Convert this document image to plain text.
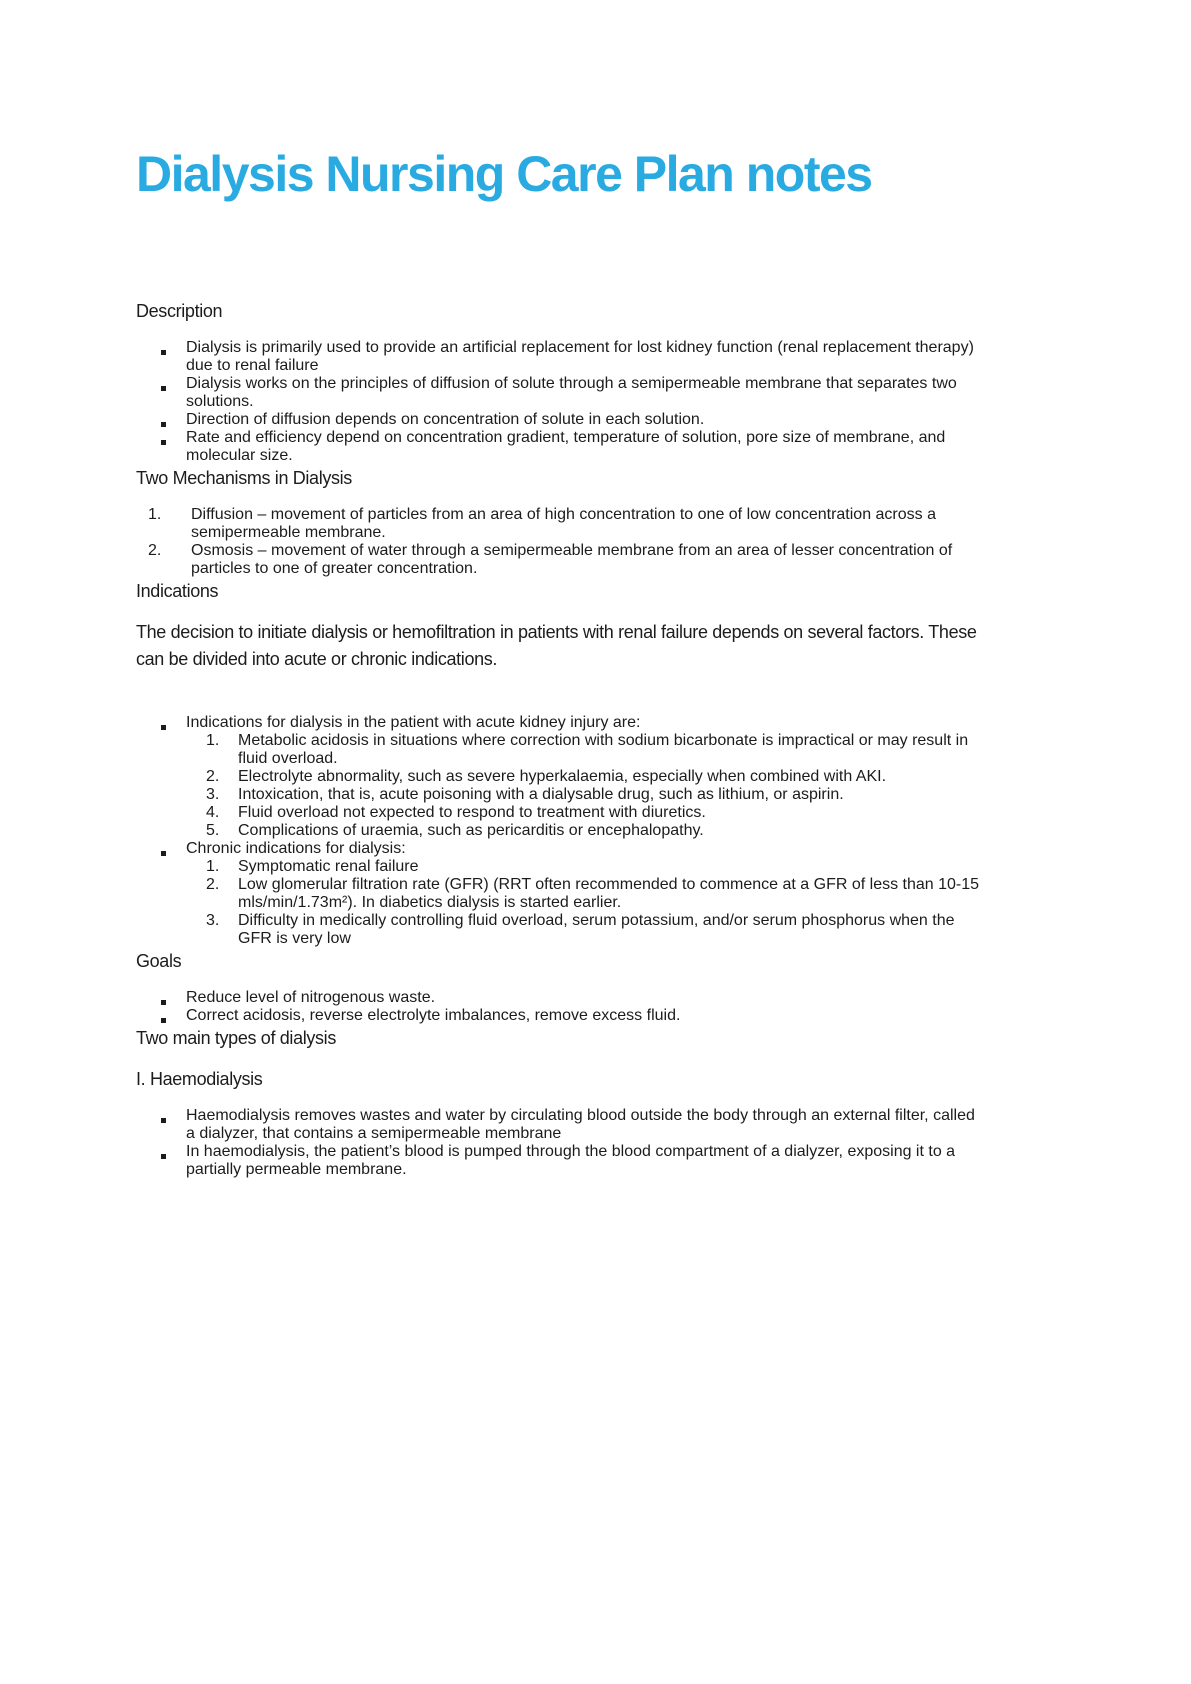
Dialysis Nursing Care Plan notes

Description

Dialysis is primarily used to provide an artificial replacement for lost kidney function (renal replacement therapy) due to renal failure
Dialysis works on the principles of diffusion of solute through a semipermeable membrane that separates two solutions.
Direction of diffusion depends on concentration of solute in each solution.
Rate and efficiency depend on concentration gradient, temperature of solution, pore size of membrane, and molecular size.

Two Mechanisms in Dialysis

Diffusion – movement of particles from an area of high concentration to one of low concentration across a semipermeable membrane.
Osmosis – movement of water through a semipermeable membrane from an area of lesser concentration of particles to one of greater concentration.

Indications

The decision to initiate dialysis or hemofiltration in patients with renal failure depends on several factors. These can be divided into acute or chronic indications.

Indications for dialysis in the patient with acute kidney injury are:
Metabolic acidosis in situations where correction with sodium bicarbonate is impractical or may result in fluid overload.
Electrolyte abnormality, such as severe hyperkalaemia, especially when combined with AKI.
Intoxication, that is, acute poisoning with a dialysable drug, such as lithium, or aspirin.
Fluid overload not expected to respond to treatment with diuretics.
Complications of uraemia, such as pericarditis or encephalopathy.
Chronic indications for dialysis:
Symptomatic renal failure
Low glomerular filtration rate (GFR) (RRT often recommended to commence at a GFR of less than 10-15 mls/min/1.73m²). In diabetics dialysis is started earlier.
Difficulty in medically controlling fluid overload, serum potassium, and/or serum phosphorus when the GFR is very low

Goals

Reduce level of nitrogenous waste.
Correct acidosis, reverse electrolyte imbalances, remove excess fluid.

Two main types of dialysis

I. Haemodialysis

Haemodialysis removes wastes and water by circulating blood outside the body through an external filter, called a dialyzer, that contains a semipermeable membrane
In haemodialysis, the patient’s blood is pumped through the blood compartment of a dialyzer, exposing it to a partially permeable membrane.
